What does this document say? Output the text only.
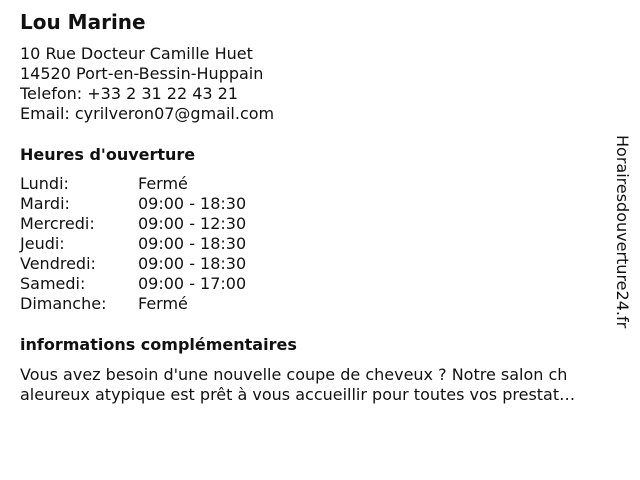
Lou Marine
10 Rue Docteur Camille Huet
14520 Port-en-Bessin-Huppain
Telefon: +33 2 31 22 43 21
Email: cyrilveron07@gmail.com
Heures d'ouverture
Lundi:	Fermé
Mardi:	09:00 - 18:30
Mercredi:	09:00 - 12:30
Jeudi:	09:00 - 18:30
Vendredi:	09:00 - 18:30
Samedi:	09:00 - 17:00
Dimanche:	Fermé
informations complémentaires
Vous avez besoin d'une nouvelle coupe de cheveux ? Notre salon ch
aleureux atypique est prêt à vous accueillir pour toutes vos prestat…
Horairesdouverture24.fr
